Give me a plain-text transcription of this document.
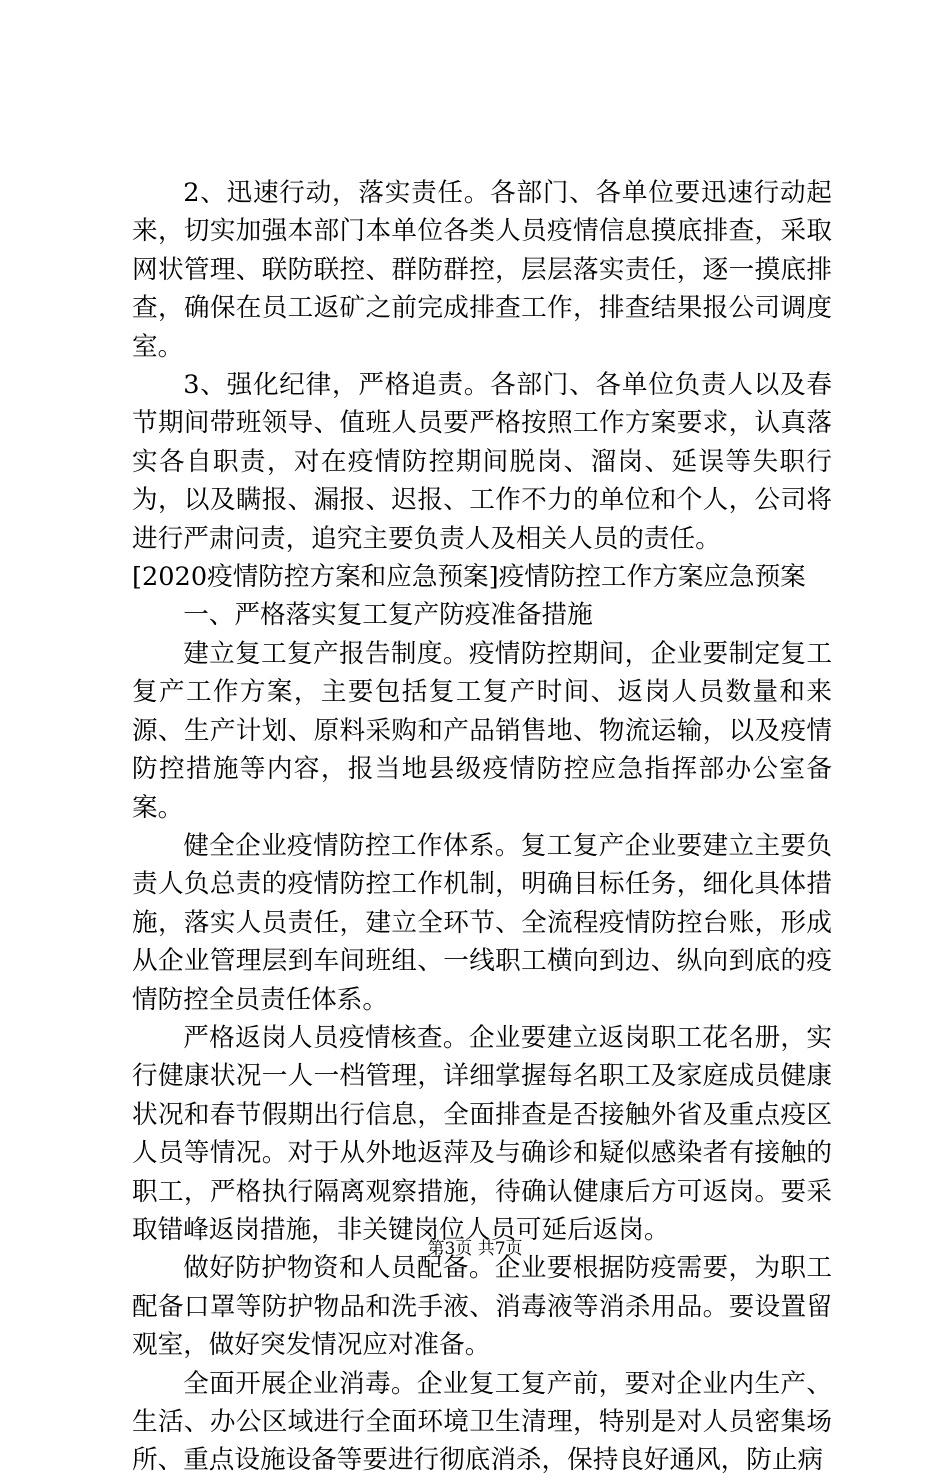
2、迅速行动，落实责任。各部门、各单位要迅速行动起来，切实加强本部门本单位各类人员疫情信息摸底排查，采取网状管理、联防联控、群防群控，层层落实责任，逐一摸底排查，确保在员工返矿之前完成排查工作，排查结果报公司调度室。

3、强化纪律，严格追责。各部门、各单位负责人以及春节期间带班领导、值班人员要严格按照工作方案要求，认真落实各自职责，对在疫情防控期间脱岗、溜岗、延误等失职行为，以及瞒报、漏报、迟报、工作不力的单位和个人，公司将进行严肃问责，追究主要负责人及相关人员的责任。

[2020疫情防控方案和应急预案]疫情防控工作方案应急预案

一、严格落实复工复产防疫准备措施

建立复工复产报告制度。疫情防控期间，企业要制定复工复产工作方案，主要包括复工复产时间、返岗人员数量和来源、生产计划、原料采购和产品销售地、物流运输，以及疫情防控措施等内容，报当地县级疫情防控应急指挥部办公室备案。

健全企业疫情防控工作体系。复工复产企业要建立主要负责人负总责的疫情防控工作机制，明确目标任务，细化具体措施，落实人员责任，建立全环节、全流程疫情防控台账，形成从企业管理层到车间班组、一线职工横向到边、纵向到底的疫情防控全员责任体系。

严格返岗人员疫情核查。企业要建立返岗职工花名册，实行健康状况一人一档管理，详细掌握每名职工及家庭成员健康状况和春节假期出行信息，全面排查是否接触外省及重点疫区人员等情况。对于从外地返萍及与确诊和疑似感染者有接触的职工，严格执行隔离观察措施，待确认健康后方可返岗。要采取错峰返岗措施，非关键岗位人员可延后返岗。

做好防护物资和人员配备。企业要根据防疫需要，为职工配备口罩等防护物品和洗手液、消毒液等消杀用品。要设置留观室，做好突发情况应对准备。

全面开展企业消毒。企业复工复产前，要对企业内生产、生活、办公区域进行全面环境卫生清理，特别是对人员密集场所、重点设施设备等要进行彻底消杀，保持良好通风，防止病

第3页 共7页
